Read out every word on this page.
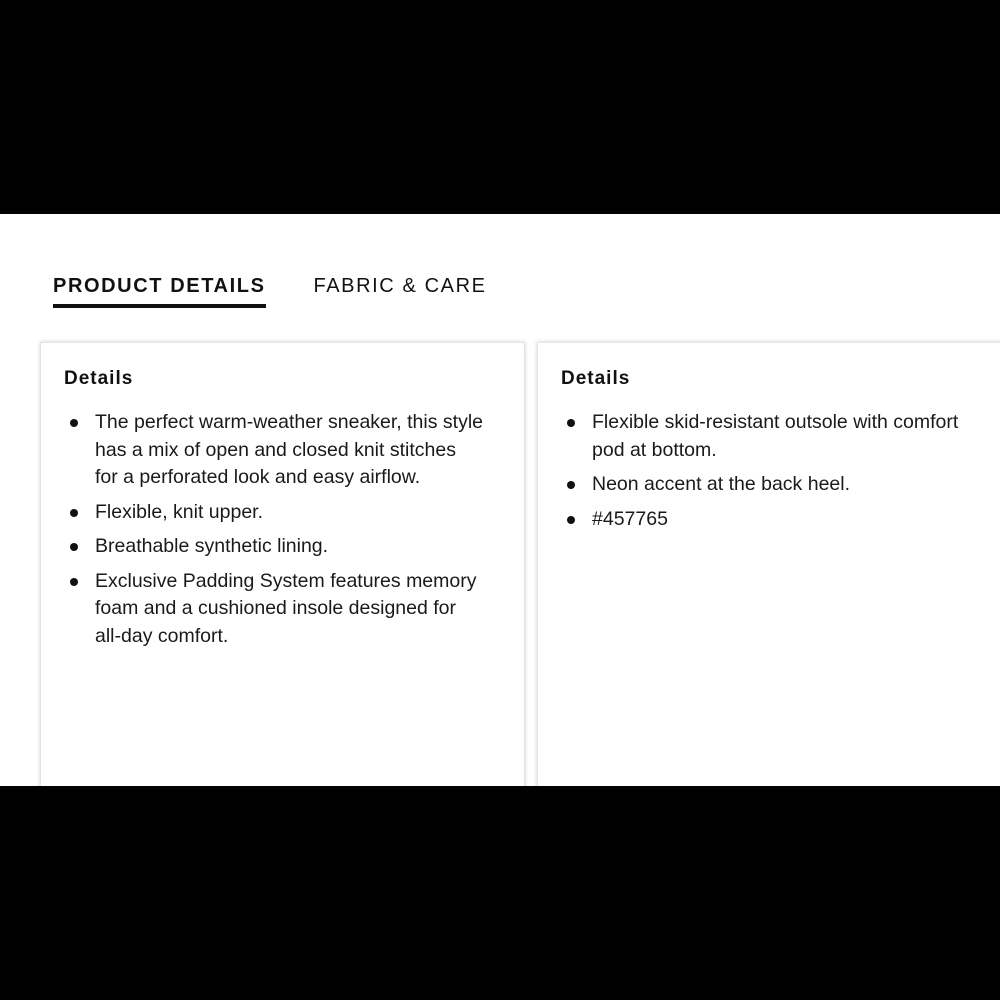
PRODUCT DETAILS FABRIC & CARE
Details
The perfect warm-weather sneaker, this style has a mix of open and closed knit stitches for a perforated look and easy airflow.
Flexible, knit upper.
Breathable synthetic lining.
Exclusive Padding System features memory foam and a cushioned insole designed for all-day comfort.
Details
Flexible skid-resistant outsole with comfort pod at bottom.
Neon accent at the back heel.
#457765
